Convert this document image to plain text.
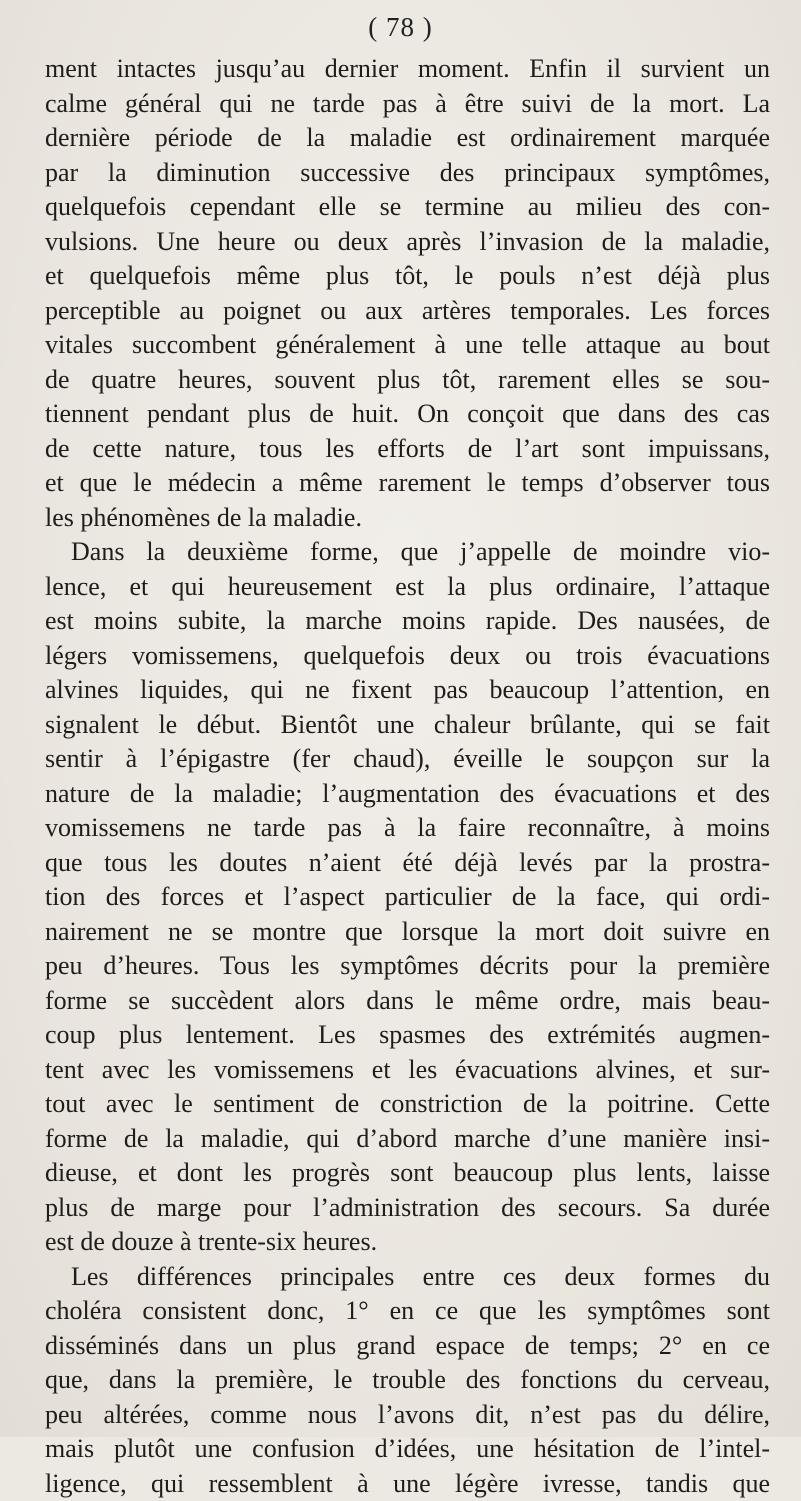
( 78 )
ment intactes jusqu’au dernier moment. Enfin il survient un
calme général qui ne tarde pas à être suivi de la mort. La
dernière période de la maladie est ordinairement marquée
par la diminution successive des principaux symptômes,
quelquefois cependant elle se termine au milieu des con-
vulsions. Une heure ou deux après l’invasion de la maladie,
et quelquefois même plus tôt, le pouls n’est déjà plus
perceptible au poignet ou aux artères temporales. Les forces
vitales succombent généralement à une telle attaque au bout
de quatre heures, souvent plus tôt, rarement elles se sou-
tiennent pendant plus de huit. On conçoit que dans des cas
de cette nature, tous les efforts de l’art sont impuissans,
et que le médecin a même rarement le temps d’observer tous
les phénomènes de la maladie.
Dans la deuxième forme, que j’appelle de moindre vio-
lence, et qui heureusement est la plus ordinaire, l’attaque
est moins subite, la marche moins rapide. Des nausées, de
légers vomissemens, quelquefois deux ou trois évacuations
alvines liquides, qui ne fixent pas beaucoup l’attention, en
signalent le début. Bientôt une chaleur brûlante, qui se fait
sentir à l’épigastre (fer chaud), éveille le soupçon sur la
nature de la maladie; l’augmentation des évacuations et des
vomissemens ne tarde pas à la faire reconnaître, à moins
que tous les doutes n’aient été déjà levés par la prostra-
tion des forces et l’aspect particulier de la face, qui ordi-
nairement ne se montre que lorsque la mort doit suivre en
peu d’heures. Tous les symptômes décrits pour la première
forme se succèdent alors dans le même ordre, mais beau-
coup plus lentement. Les spasmes des extrémités augmen-
tent avec les vomissemens et les évacuations alvines, et sur-
tout avec le sentiment de constriction de la poitrine. Cette
forme de la maladie, qui d’abord marche d’une manière insi-
dieuse, et dont les progrès sont beaucoup plus lents, laisse
plus de marge pour l’administration des secours. Sa durée
est de douze à trente-six heures.
Les différences principales entre ces deux formes du
choléra consistent donc, 1° en ce que les symptômes sont
disséminés dans un plus grand espace de temps; 2° en ce
que, dans la première, le trouble des fonctions du cerveau,
peu altérées, comme nous l’avons dit, n’est pas du délire,
mais plutôt une confusion d’idées, une hésitation de l’intel-
ligence, qui ressemblent à une légère ivresse, tandis que
